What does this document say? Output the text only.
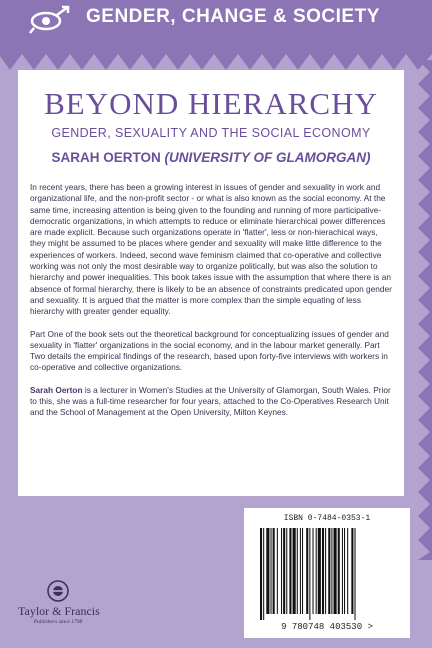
GENDER, CHANGE & SOCIETY
BEYOND HIERARCHY
GENDER, SEXUALITY AND THE SOCIAL ECONOMY
SARAH OERTON (UNIVERSITY OF GLAMORGAN)

In recent years, there has been a growing interest in issues of gender and sexuality in work and organizational life, and the non-profit sector - or what is also known as the social economy. At the same time, increasing attention is being given to the founding and running of more participative-democratic organizations, in which attempts to reduce or eliminate hierarchical power differences are made explicit. Because such organizations operate in 'flatter', less or non-hierachical ways, they might be assumed to be places where gender and sexuality will make little difference to the experiences of workers. Indeed, second wave feminism claimed that co-operative and collective working was not only the most desirable way to organize politically, but was also the solution to hierarchy and power inequalities. This book takes issue with the assumption that where there is an absence of formal hierarchy, there is likely to be an absence of constraints predicated upon gender and sexuality. It is argued that the matter is more complex than the simple equating of less hierarchy with greater gender equality.

Part One of the book sets out the theoretical background for conceptualizing issues of gender and sexuality in 'flatter' organizations in the social economy, and in the labour market generally. Part Two details the empirical findings of the research, based upon forty-five interviews with workers in co-operative and collective organizations.

Sarah Oerton is a lecturer in Women's Studies at the University of Glamorgan, South Wales. Prior to this, she was a full-time researcher for four years, attached to the Co-Operatives Research Unit and the School of Management at the Open University, Milton Keynes.

ISBN 0-7484-0353-1
9 780748 403530 >
Taylor & Francis
Publishers since 1798
